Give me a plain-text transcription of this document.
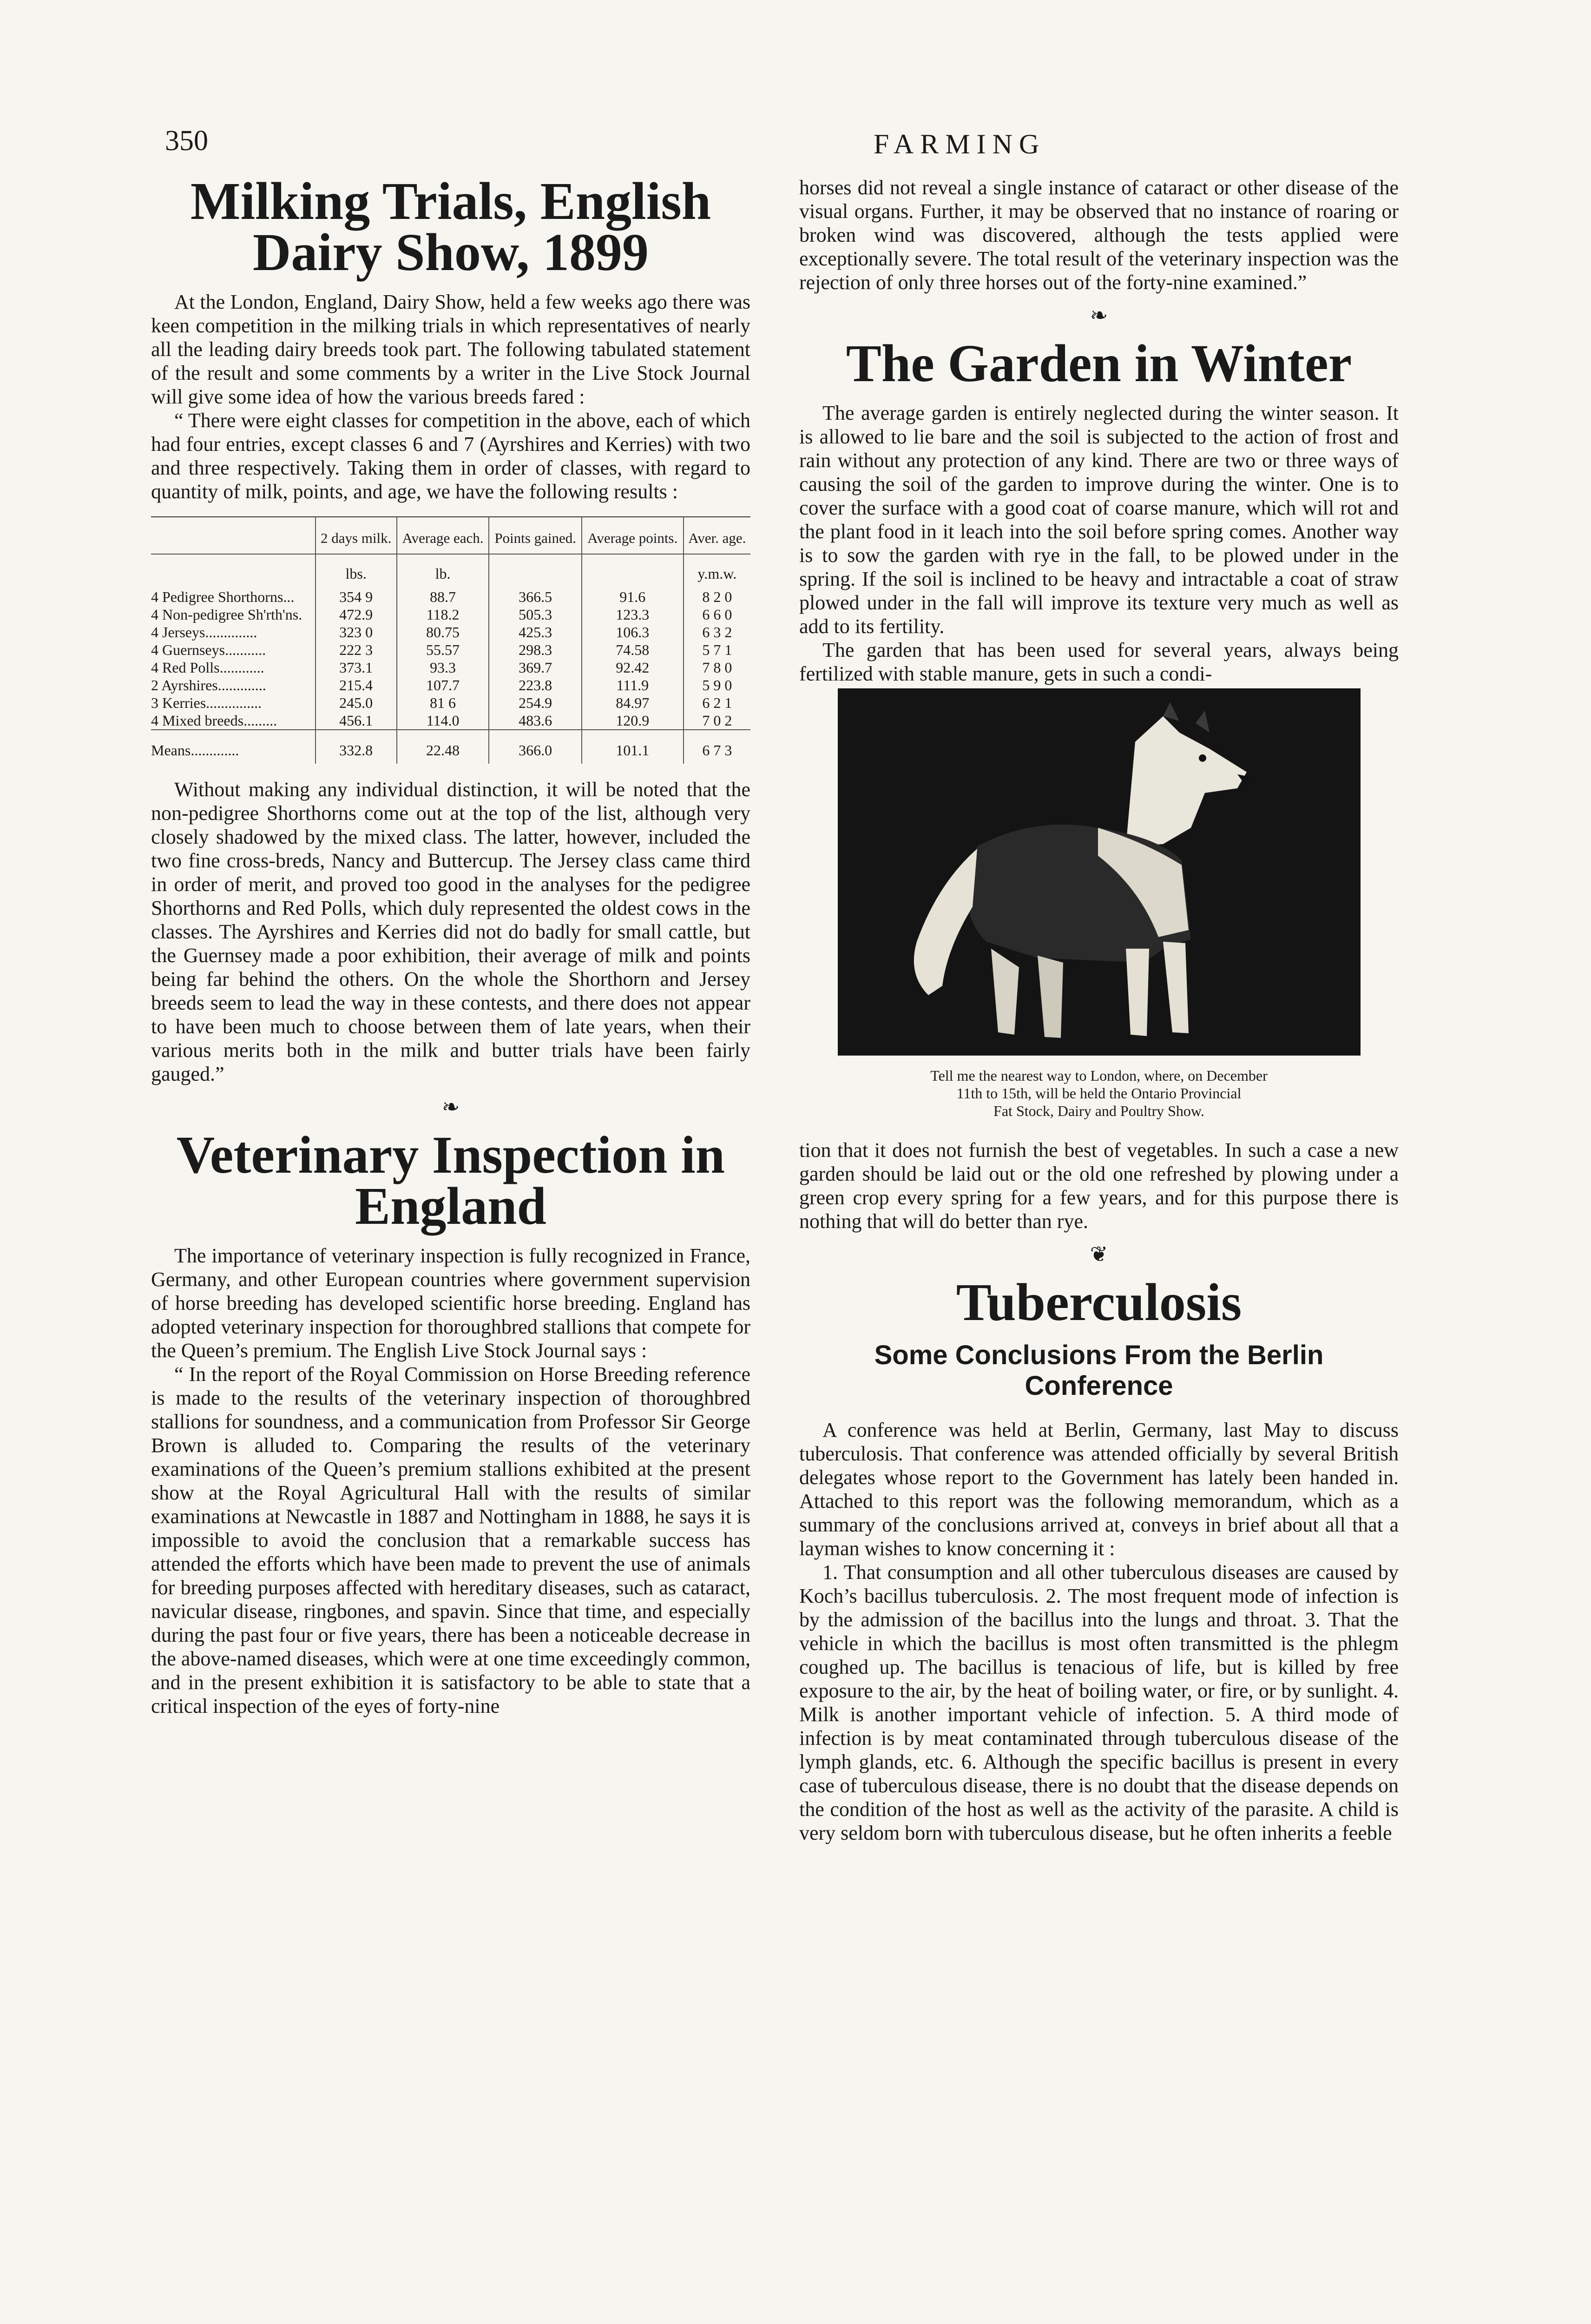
350	FARMING
Milking Trials, English
Dairy Show, 1899

At the London, England, Dairy Show, held a few weeks ago there was keen competition in the milking trials in which representatives of nearly all the leading dairy breeds took part. The following tabulated statement of the result and some comments by a writer in the Live Stock Journal will give some idea of how the various breeds fared :

“ There were eight classes for competition in the above, each of which had four entries, except classes 6 and 7 (Ayrshires and Kerries) with two and three respectively. Taking them in order of classes, with regard to quantity of milk, points, and age, we have the following results :

	2 days milk.	Average each.	Points gained.	Average points.	Aver. age.
	lbs.	lb.			y.m.w.
4 Pedigree Shorthorns...	354 9	88.7	366.5	91.6	8 2 0
4 Non-pedigree Sh'rth'ns.	472.9	118.2	505.3	123.3	6 6 0
4 Jerseys..............	323 0	80.75	425.3	106.3	6 3 2
4 Guernseys...........	222 3	55.57	298.3	74.58	5 7 1
4 Red Polls............	373.1	93.3	369.7	92.42	7 8 0
2 Ayrshires.............	215.4	107.7	223.8	111.9	5 9 0
3 Kerries...............	245.0	81 6	254.9	84.97	6 2 1
4 Mixed breeds.........	456.1	114.0	483.6	120.9	7 0 2
Means.............	332.8	22.48	366.0	101.1	6 7 3

Without making any individual distinction, it will be noted that the non-pedigree Shorthorns come out at the top of the list, although very closely shadowed by the mixed class. The latter, however, included the two fine cross-breds, Nancy and Buttercup. The Jersey class came third in order of merit, and proved too good in the analyses for the pedigree Shorthorns and Red Polls, which duly represented the oldest cows in the classes. The Ayrshires and Kerries did not do badly for small cattle, but the Guernsey made a poor exhibition, their average of milk and points being far behind the others. On the whole the Shorthorn and Jersey breeds seem to lead the way in these contests, and there does not appear to have been much to choose between them of late years, when their various merits both in the milk and butter trials have been fairly gauged.”

❧
Veterinary Inspection in
England

The importance of veterinary inspection is fully recognized in France, Germany, and other European countries where government supervision of horse breeding has developed scientific horse breeding. England has adopted veterinary inspection for thoroughbred stallions that compete for the Queen’s premium. The English Live Stock Journal says :

“ In the report of the Royal Commission on Horse Breeding reference is made to the results of the veterinary inspection of thoroughbred stallions for soundness, and a communication from Professor Sir George Brown is alluded to. Comparing the results of the veterinary examinations of the Queen’s premium stallions exhibited at the present show at the Royal Agricultural Hall with the results of similar examinations at Newcastle in 1887 and Nottingham in 1888, he says it is impossible to avoid the conclusion that a remarkable success has attended the efforts which have been made to prevent the use of animals for breeding purposes affected with hereditary diseases, such as cataract, navicular disease, ringbones, and spavin. Since that time, and especially during the past four or five years, there has been a noticeable decrease in the above-named diseases, which were at one time exceedingly common, and in the present exhibition it is satisfactory to be able to state that a critical inspection of the eyes of forty-nine

horses did not reveal a single instance of cataract or other disease of the visual organs. Further, it may be observed that no instance of roaring or broken wind was discovered, although the tests applied were exceptionally severe. The total result of the veterinary inspection was the rejection of only three horses out of the forty-nine examined.”

❧
The Garden in Winter

The average garden is entirely neglected during the winter season. It is allowed to lie bare and the soil is subjected to the action of frost and rain without any protection of any kind. There are two or three ways of causing the soil of the garden to improve during the winter. One is to cover the surface with a good coat of coarse manure, which will rot and the plant food in it leach into the soil before spring comes. Another way is to sow the garden with rye in the fall, to be plowed under in the spring. If the soil is inclined to be heavy and intractable a coat of straw plowed under in the fall will improve its texture very much as well as add to its fertility.

The garden that has been used for several years, always being fertilized with stable manure, gets in such a condi-

Tell me the nearest way to London, where, on December
11th to 15th, will be held the Ontario Provincial
Fat Stock, Dairy and Poultry Show.

tion that it does not furnish the best of vegetables. In such a case a new garden should be laid out or the old one refreshed by plowing under a green crop every spring for a few years, and for this purpose there is nothing that will do better than rye.

❦
Tuberculosis
Some Conclusions From the Berlin Conference

A conference was held at Berlin, Germany, last May to discuss tuberculosis. That conference was attended officially by several British delegates whose report to the Government has lately been handed in. Attached to this report was the following memorandum, which as a summary of the conclusions arrived at, conveys in brief about all that a layman wishes to know concerning it :

1. That consumption and all other tuberculous diseases are caused by Koch’s bacillus tuberculosis. 2. The most frequent mode of infection is by the admission of the bacillus into the lungs and throat. 3. That the vehicle in which the bacillus is most often transmitted is the phlegm coughed up. The bacillus is tenacious of life, but is killed by free exposure to the air, by the heat of boiling water, or fire, or by sunlight. 4. Milk is another important vehicle of infection. 5. A third mode of infection is by meat contaminated through tuberculous disease of the lymph glands, etc. 6. Although the specific bacillus is present in every case of tuberculous disease, there is no doubt that the disease depends on the condition of the host as well as the activity of the parasite. A child is very seldom born with tuberculous disease, but he often inherits a feeble
